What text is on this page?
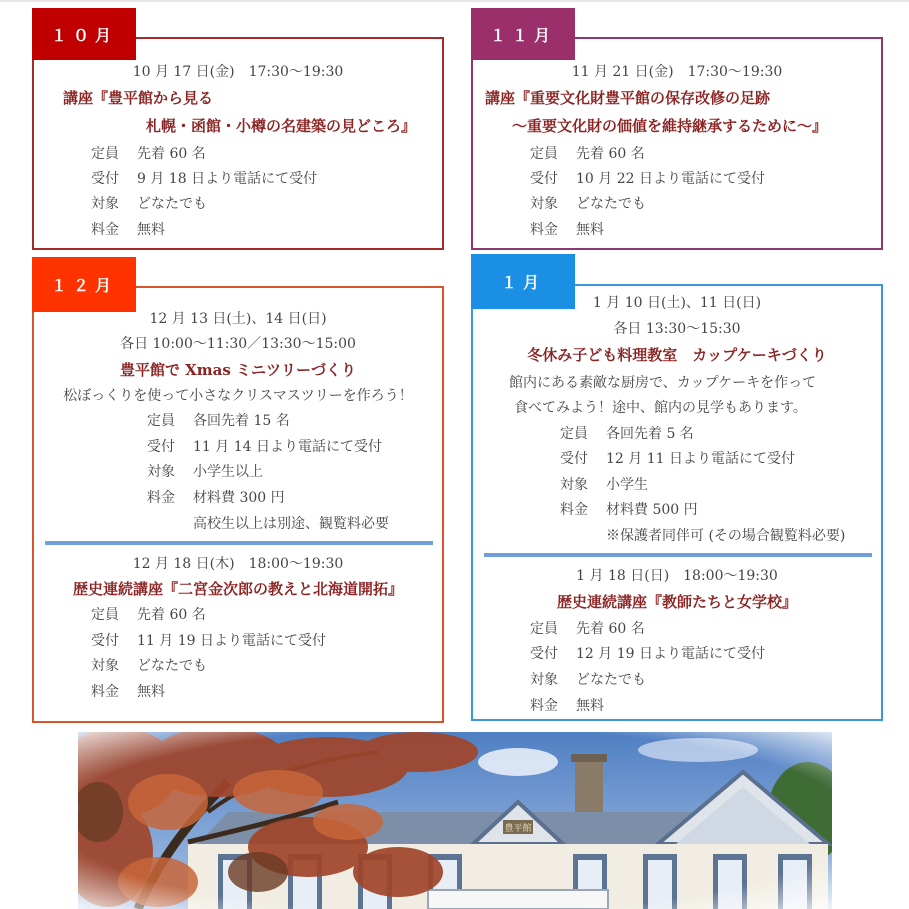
１０月
10 月 17 日(金)　17:30～19:30
講座『豊平館から見る
札幌・函館・小樽の名建築の見どころ』
定員 先着 60 名
受付 9 月 18 日より電話にて受付
対象 どなたでも
料金 無料
１１月
11 月 21 日(金)　17:30～19:30
講座『重要文化財豊平館の保存改修の足跡
～重要文化財の価値を維持継承するために～』
定員 先着 60 名
受付 10 月 22 日より電話にて受付
対象 どなたでも
料金 無料
１２月
12 月 13 日(土)、14 日(日)
各日 10:00～11:30／13:30～15:00
豊平館で Xmas ミニツリーづくり
松ぼっくりを使って小さなクリスマスツリーを作ろう！
定員 各回先着 15 名
受付 11 月 14 日より電話にて受付
対象 小学生以上
料金 材料費 300 円
高校生以上は別途、観覧料必要
12 月 18 日(木)　18:00～19:30
歴史連続講座『二宮金次郎の教えと北海道開拓』
定員 先着 60 名
受付 11 月 19 日より電話にて受付
対象 どなたでも
料金 無料
１月
1 月 10 日(土)、11 日(日)
各日 13:30～15:30
冬休み子ども料理教室　カップケーキづくり
館内にある素敵な厨房で、カップケーキを作って
食べてみよう！途中、館内の見学もあります。
定員 各回先着 5 名
受付 12 月 11 日より電話にて受付
対象 小学生
料金 材料費 500 円
※保護者同伴可 (その場合観覧料必要)
1 月 18 日(日)　18:00～19:30
歴史連続講座『教師たちと女学校』
定員 先着 60 名
受付 12 月 19 日より電話にて受付
対象 どなたでも
料金 無料
